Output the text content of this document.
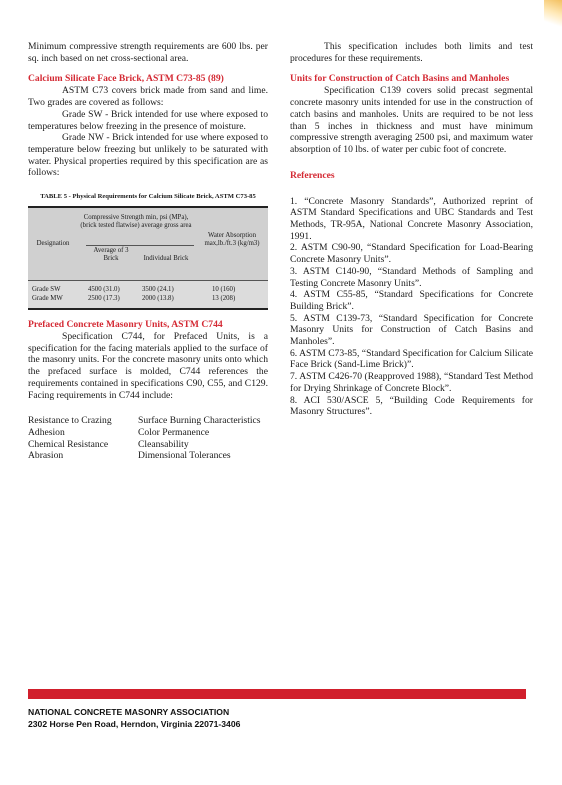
Minimum compressive strength requirements are 600 lbs. per sq. inch based on net cross-sectional area.

Calcium Silicate Face Brick, ASTM C73-85 (89)

ASTM C73 covers brick made from sand and lime. Two grades are covered as follows:

Grade SW - Brick intended for use where exposed to temperatures below freezing in the presence of moisture.

Grade NW - Brick intended for use where exposed to temperature below freezing but unlikely to be saturated with water. Physical properties required by this specification are as follows:

TABLE 5 - Physical Requirements for Calcium Silicate Brick, ASTM C73-85
Designation
Compressive Strength min, psi (MPa), (brick tested flatwise) average gross area
Average of 3 Brick	Individual Brick
Water Absorption max,lb./ft.3 (kg/m3)
Grade SW	4500 (31.0)	3500 (24.1)	10 (160)
Grade MW	2500 (17.3)	2000 (13.8)	13 (208)
Prefaced Concrete Masonry Units, ASTM C744

Specification C744, for Prefaced Units, is a specification for the facing materials applied to the surface of the masonry units. For the concrete masonry units onto which the prefaced surface is molded, C744 references the requirements contained in specifications C90, C55, and C129. Facing requirements in C744 include:

Resistance to Crazing	Surface Burning Characteristics
Adhesion	Color Permanence
Chemical Resistance	Cleansability
Abrasion	Dimensional Tolerances

This specification includes both limits and test procedures for these requirements.

Units for Construction of Catch Basins and Manholes

Specification C139 covers solid precast segmental concrete masonry units intended for use in the construction of catch basins and manholes. Units are required to be not less than 5 inches in thickness and must have minimum compressive strength averaging 2500 psi, and maximum water absorption of 10 lbs. of water per cubic foot of concrete.

References

1. “Concrete Masonry Standards”, Authorized reprint of ASTM Standard Specifications and UBC Standards and Test Methods, TR-95A, National Concrete Masonry Association, 1991.

2. ASTM C90-90, “Standard Specification for Load-Bearing Concrete Masonry Units”.

3. ASTM C140-90, “Standard Methods of Sampling and Testing Concrete Masonry Units”.

4. ASTM C55-85, “Standard Specifications for Concrete Building Brick”.

5. ASTM C139-73, “Standard Specification for Concrete Masonry Units for Construction of Catch Basins and Manholes”.

6. ASTM C73-85, “Standard Specification for Calcium Silicate Face Brick (Sand-Lime Brick)”.

7. ASTM C426-70 (Reapproved 1988), “Standard Test Method for Drying Shrinkage of Concrete Block”.

8. ACI 530/ASCE 5, “Building Code Requirements for Masonry Structures”.

NATIONAL CONCRETE MASONRY ASSOCIATION
2302 Horse Pen Road, Herndon, Virginia 22071-3406
